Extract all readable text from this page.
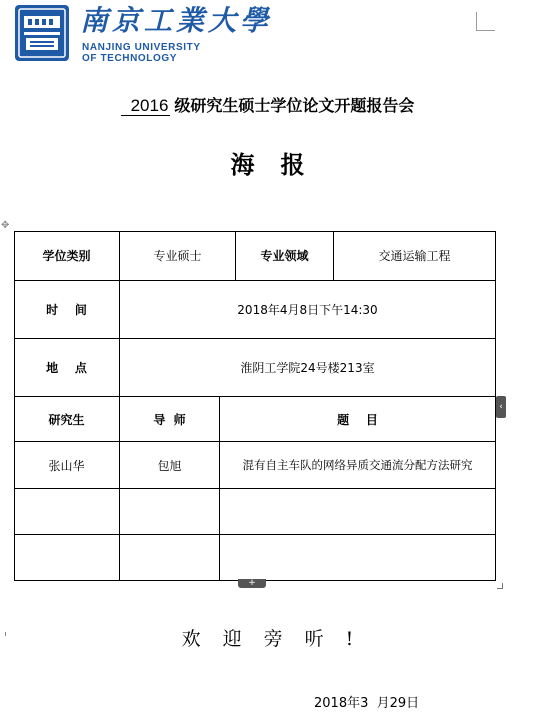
南京工業大學
NANJING UNIVERSITY
OF TECHNOLOGY
2016 级研究生硕士学位论文开题报告会
海报
✥
学位类别	专业硕士	专业领域	交通运输工程
时    间	2018年4月8日下午14:30
地    点	淮阴工学院24号楼213室
研究生	导  师	题    目
张山华	包旭	混有自主车队的网络异质交通流分配方法研究
‹
+
欢迎旁听!
2018年3  月29日
